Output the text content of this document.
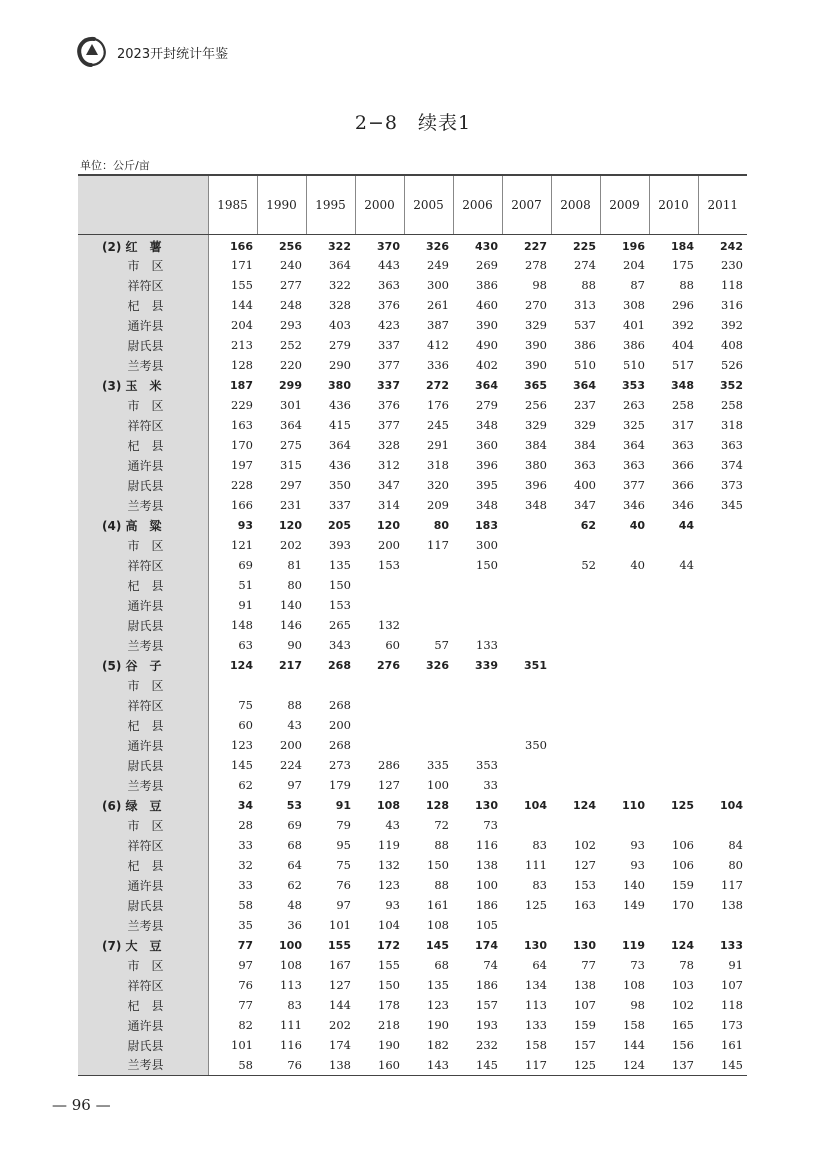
2023开封统计年鉴
2−8　续表1
单位：公斤/亩
	1985	1990	1995	2000	2005	2006	2007	2008	2009	2010	2011
(2) 红　薯	166	256	322	370	326	430	227	225	196	184	242
市　区	171	240	364	443	249	269	278	274	204	175	230
祥符区	155	277	322	363	300	386	98	88	87	88	118
杞　县	144	248	328	376	261	460	270	313	308	296	316
通许县	204	293	403	423	387	390	329	537	401	392	392
尉氏县	213	252	279	337	412	490	390	386	386	404	408
兰考县	128	220	290	377	336	402	390	510	510	517	526
(3) 玉　米	187	299	380	337	272	364	365	364	353	348	352
市　区	229	301	436	376	176	279	256	237	263	258	258
祥符区	163	364	415	377	245	348	329	329	325	317	318
杞　县	170	275	364	328	291	360	384	384	364	363	363
通许县	197	315	436	312	318	396	380	363	363	366	374
尉氏县	228	297	350	347	320	395	396	400	377	366	373
兰考县	166	231	337	314	209	348	348	347	346	346	345
(4) 高　粱	93	120	205	120	80	183		62	40	44	
市　区	121	202	393	200	117	300					
祥符区	69	81	135	153		150		52	40	44	
杞　县	51	80	150								
通许县	91	140	153								
尉氏县	148	146	265	132							
兰考县	63	90	343	60	57	133					
(5) 谷　子	124	217	268	276	326	339	351				
市　区											
祥符区	75	88	268								
杞　县	60	43	200								
通许县	123	200	268				350				
尉氏县	145	224	273	286	335	353					
兰考县	62	97	179	127	100	33					
(6) 绿　豆	34	53	91	108	128	130	104	124	110	125	104
市　区	28	69	79	43	72	73					
祥符区	33	68	95	119	88	116	83	102	93	106	84
杞　县	32	64	75	132	150	138	111	127	93	106	80
通许县	33	62	76	123	88	100	83	153	140	159	117
尉氏县	58	48	97	93	161	186	125	163	149	170	138
兰考县	35	36	101	104	108	105					
(7) 大　豆	77	100	155	172	145	174	130	130	119	124	133
市　区	97	108	167	155	68	74	64	77	73	78	91
祥符区	76	113	127	150	135	186	134	138	108	103	107
杞　县	77	83	144	178	123	157	113	107	98	102	118
通许县	82	111	202	218	190	193	133	159	158	165	173
尉氏县	101	116	174	190	182	232	158	157	144	156	161
兰考县	58	76	138	160	143	145	117	125	124	137	145
— 96 —
